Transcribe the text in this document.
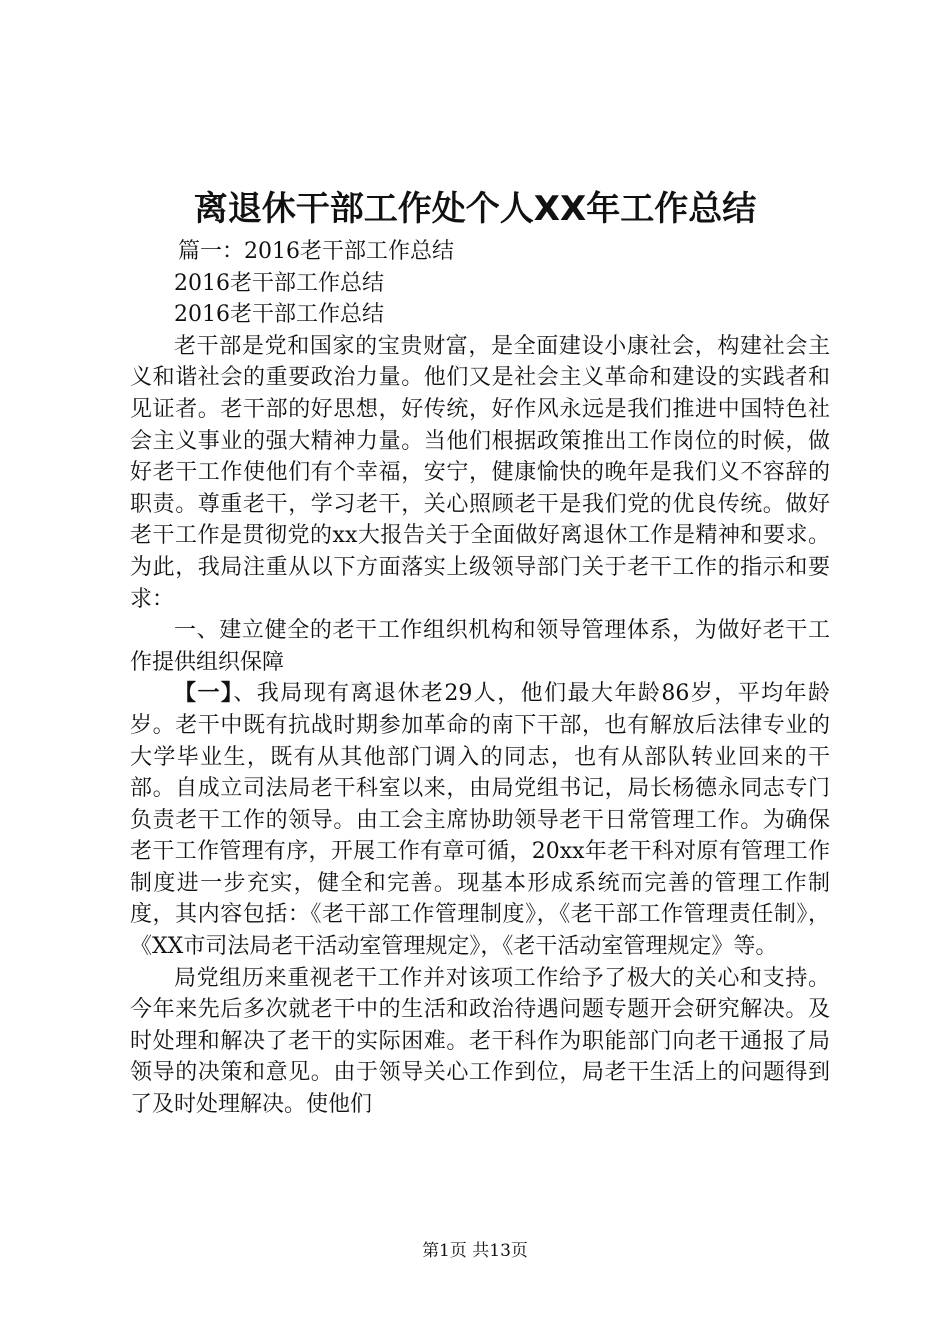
离退休干部工作处个人XX年工作总结

篇一：2016老干部工作总结

2016老干部工作总结

2016老干部工作总结

老干部是党和国家的宝贵财富，是全面建设小康社会，构建社会主义和谐社会的重要政治力量。他们又是社会主义革命和建设的实践者和见证者。老干部的好思想，好传统，好作风永远是我们推进中国特色社会主义事业的强大精神力量。当他们根据政策推出工作岗位的时候，做好老干工作使他们有个幸福，安宁，健康愉快的晚年是我们义不容辞的职责。尊重老干，学习老干，关心照顾老干是我们党的优良传统。做好老干工作是贯彻党的xx大报告关于全面做好离退休工作是精神和要求。为此，我局注重从以下方面落实上级领导部门关于老干工作的指示和要求：

一、建立健全的老干工作组织机构和领导管理体系，为做好老干工作提供组织保障

【一】、我局现有离退休老29人，他们最大年龄86岁，平均年龄岁。老干中既有抗战时期参加革命的南下干部，也有解放后法律专业的大学毕业生，既有从其他部门调入的同志，也有从部队转业回来的干部。自成立司法局老干科室以来，由局党组书记，局长杨德永同志专门负责老干工作的领导。由工会主席协助领导老干日常管理工作。为确保老干工作管理有序，开展工作有章可循，20xx年老干科对原有管理工作制度进一步充实，健全和完善。现基本形成系统而完善的管理工作制度，其内容包括：《老干部工作管理制度》，《老干部工作管理责任制》，《XX市司法局老干活动室管理规定》，《老干活动室管理规定》等。

局党组历来重视老干工作并对该项工作给予了极大的关心和支持。今年来先后多次就老干中的生活和政治待遇问题专题开会研究解决。及时处理和解决了老干的实际困难。老干科作为职能部门向老干通报了局领导的决策和意见。由于领导关心工作到位，局老干生活上的问题得到了及时处理解决。使他们

第1页 共13页
